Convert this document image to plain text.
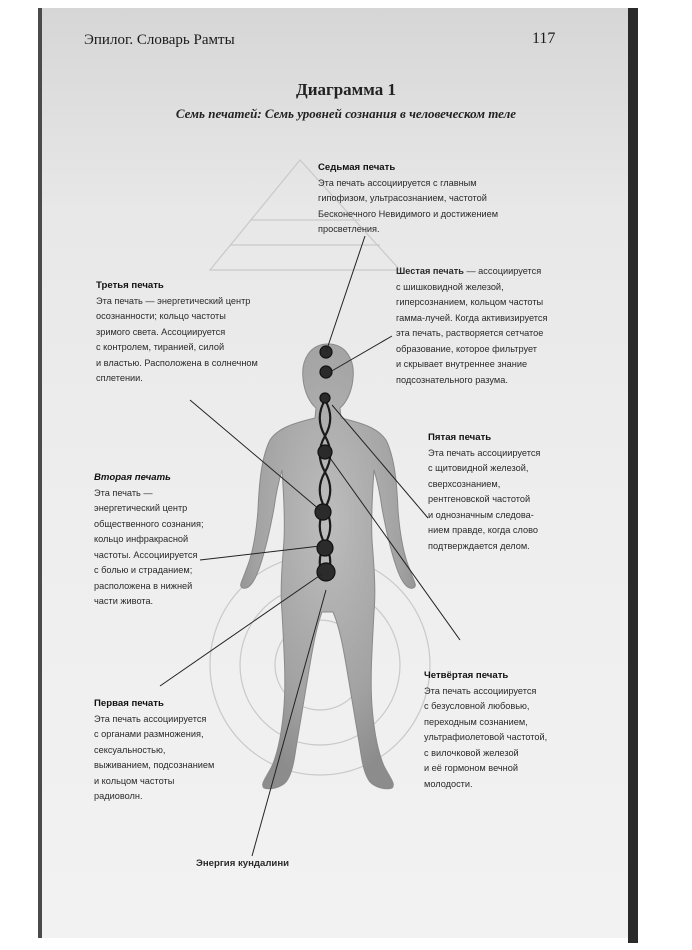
Эпилог. Словарь Рамты	117
Диаграмма 1
Семь печатей: Семь уровней сознания в человеческом теле
Седьмая печать
Эта печать ассоциируется с главным
гипофизом, ультрасознанием, частотой
Бесконечного Невидимого и достижением
просветления.
Шестая печать — ассоциируется
с шишковидной железой,
гиперсознанием, кольцом частоты
гамма-лучей. Когда активизируется
эта печать, растворяется сетчатое
образование, которое фильтрует
и скрывает внутреннее знание
подсознательного разума.
Третья печать
Эта печать — энергетический центр
осознанности; кольцо частоты
зримого света. Ассоциируется
с контролем, тиранией, силой
и властью. Расположена в солнечном
сплетении.
Пятая печать
Эта печать ассоциируется
с щитовидной железой,
сверхсознанием,
рентгеновской частотой
и однозначным следова-
нием правде, когда слово
подтверждается делом.
Вторая печать
Эта печать —
энергетический центр
общественного сознания;
кольцо инфракрасной
частоты. Ассоциируется
с болью и страданием;
расположена в нижней
части живота.
Четвёртая печать
Эта печать ассоциируется
с безусловной любовью,
переходным сознанием,
ультрафиолетовой частотой,
с вилочковой железой
и её гормоном вечной
молодости.
Первая печать
Эта печать ассоциируется
с органами размножения,
сексуальностью,
выживанием, подсознанием
и кольцом частоты
радиоволн.
Энергия кундалини
